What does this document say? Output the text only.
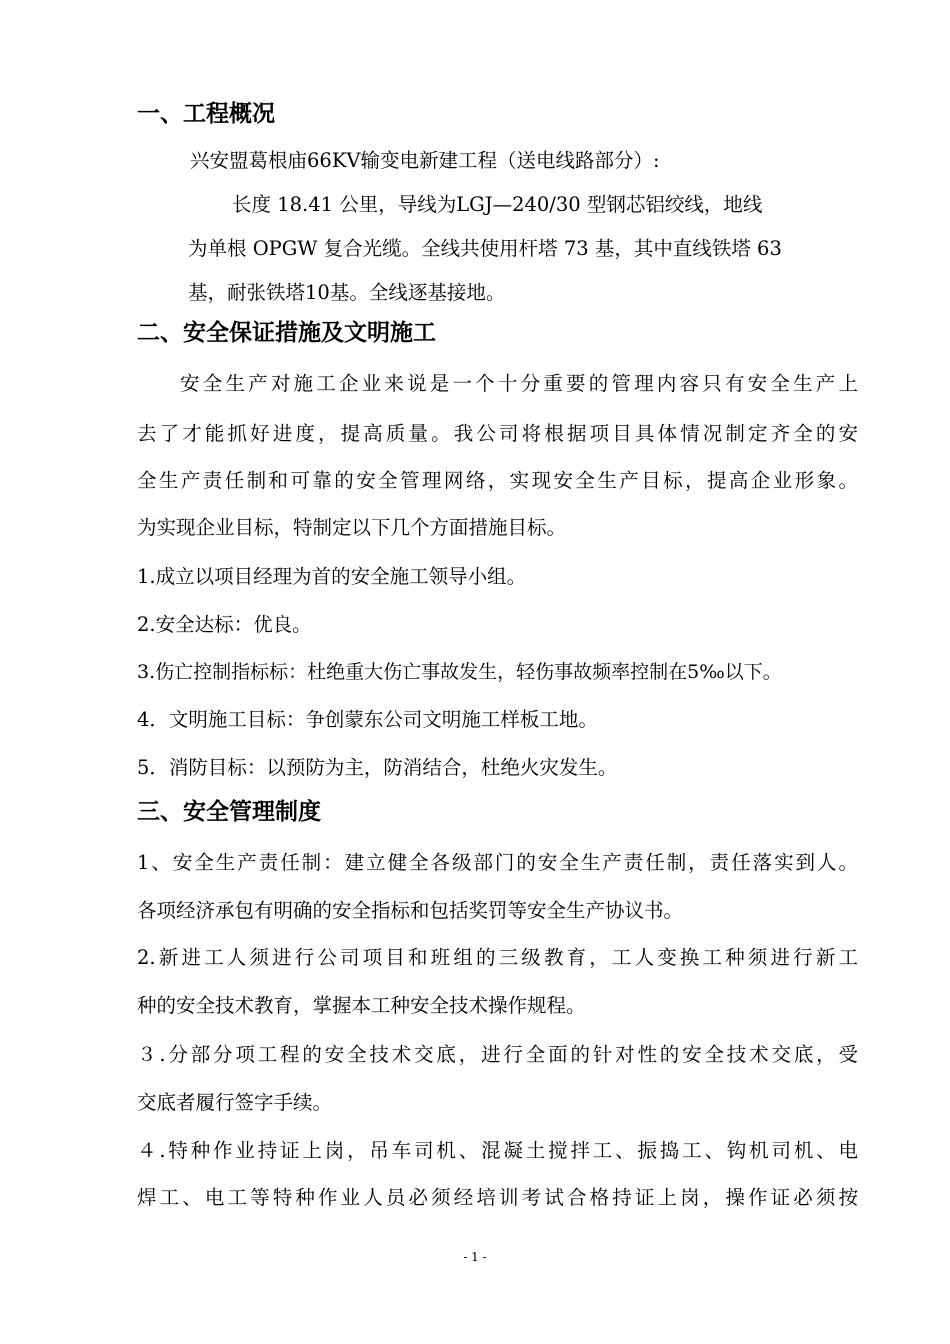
一、工程概况
兴安盟葛根庙66KV输变电新建工程（送电线路部分）:
长度 18.41 公里，导线为LGJ—240/30 型钢芯铝绞线，地线
为单根 OPGW 复合光缆。全线共使用杆塔 73 基，其中直线铁塔 63
基，耐张铁塔10基。全线逐基接地。
二、安全保证措施及文明施工
安全生产对施工企业来说是一个十分重要的管理内容只有安全生产上
去了才能抓好进度，提高质量。我公司将根据项目具体情况制定齐全的安
全生产责任制和可靠的安全管理网络，实现安全生产目标，提高企业形象。
为实现企业目标，特制定以下几个方面措施目标。
1.成立以项目经理为首的安全施工领导小组。
2.安全达标：优良。
3.伤亡控制指标标：杜绝重大伤亡事故发生，轻伤事故频率控制在5‰以下。
4．文明施工目标：争创蒙东公司文明施工样板工地。
5．消防目标：以预防为主，防消结合，杜绝火灾发生。
三、安全管理制度
1、安全生产责任制：建立健全各级部门的安全生产责任制，责任落实到人。
各项经济承包有明确的安全指标和包括奖罚等安全生产协议书。
2.新进工人须进行公司项目和班组的三级教育，工人变换工种须进行新工
种的安全技术教育，掌握本工种安全技术操作规程。
３.分部分项工程的安全技术交底，进行全面的针对性的安全技术交底，受
交底者履行签字手续。
４.特种作业持证上岗，吊车司机、混凝土搅拌工、振捣工、钩机司机、电
焊工、电工等特种作业人员必须经培训考试合格持证上岗，操作证必须按
- 1 -
